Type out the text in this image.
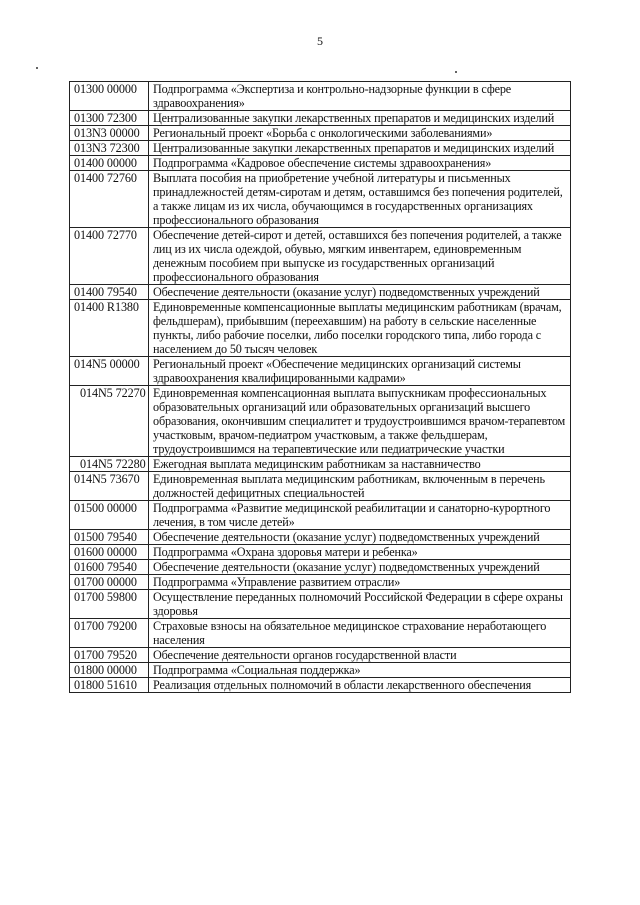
5
01300 00000	Подпрограмма «Экспертиза и контрольно-надзорные функции в сфере здравоохранения»
01300 72300	Централизованные закупки лекарственных препаратов и медицинских изделий
013N3 00000	Региональный проект «Борьба с онкологическими заболеваниями»
013N3 72300	Централизованные закупки лекарственных препаратов и медицинских изделий
01400 00000	Подпрограмма «Кадровое обеспечение системы здравоохранения»
01400 72760	Выплата пособия на приобретение учебной литературы и письменных принадлежностей детям-сиротам и детям, оставшимся без попечения родителей, а также лицам из их числа, обучающимся в государственных организациях профессионального образования
01400 72770	Обеспечение детей-сирот и детей, оставшихся без попечения родителей, а также лиц из их числа одеждой, обувью, мягким инвентарем, единовременным денежным пособием при выпуске из государственных организаций профессионального образования
01400 79540	Обеспечение деятельности (оказание услуг) подведомственных учреждений
01400 R1380	Единовременные компенсационные выплаты медицинским работникам (врачам, фельдшерам), прибывшим (переехавшим) на работу в сельские населенные пункты, либо рабочие поселки, либо поселки городского типа, либо города с населением до 50 тысяч человек
014N5 00000	Региональный проект «Обеспечение медицинских организаций системы здравоохранения квалифицированными кадрами»
014N5 72270	Единовременная компенсационная выплата выпускникам профессиональных образовательных организаций или образовательных организаций высшего образования, окончившим специалитет и трудоустроившимся врачом-терапевтом участковым, врачом-педиатром участковым, а также фельдшерам, трудоустроившимся на терапевтические или педиатрические участки
014N5 72280	Ежегодная выплата медицинским работникам за наставничество
014N5 73670	Единовременная выплата медицинским работникам, включенным в перечень должностей дефицитных специальностей
01500 00000	Подпрограмма «Развитие медицинской реабилитации и санаторно-курортного лечения, в том числе детей»
01500 79540	Обеспечение деятельности (оказание услуг) подведомственных учреждений
01600 00000	Подпрограмма «Охрана здоровья матери и ребенка»
01600 79540	Обеспечение деятельности (оказание услуг) подведомственных учреждений
01700 00000	Подпрограмма «Управление развитием отрасли»
01700 59800	Осуществление переданных полномочий Российской Федерации в сфере охраны здоровья
01700 79200	Страховые взносы на обязательное медицинское страхование неработающего населения
01700 79520	Обеспечение деятельности органов государственной власти
01800 00000	Подпрограмма «Социальная поддержка»
01800 51610	Реализация отдельных полномочий в области лекарственного обеспечения
